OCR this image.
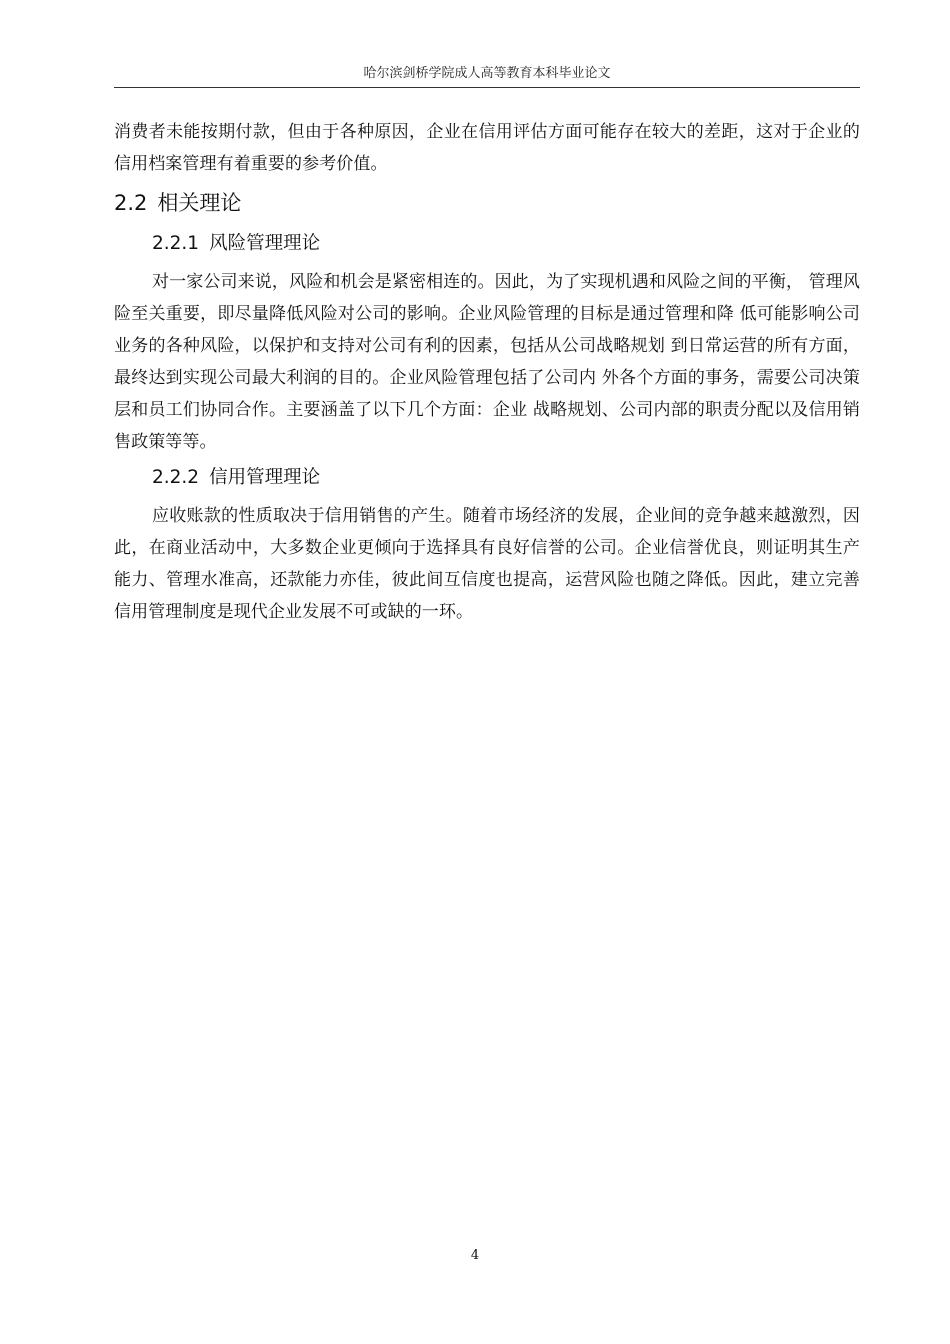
哈尔滨剑桥学院成人高等教育本科毕业论文

消费者未能按期付款，但由于各种原因，企业在信用评估方面可能存在较大的差距，这对于企业的信用档案管理有着重要的参考价值。

2.2 相关理论
2.2.1 风险管理理论

对一家公司来说，风险和机会是紧密相连的。因此，为了实现机遇和风险之间的平衡， 管理风险至关重要，即尽量降低风险对公司的影响。企业风险管理的目标是通过管理和降 低可能影响公司业务的各种风险，以保护和支持对公司有利的因素，包括从公司战略规划 到日常运营的所有方面，最终达到实现公司最大利润的目的。企业风险管理包括了公司内 外各个方面的事务，需要公司决策层和员工们协同合作。主要涵盖了以下几个方面：企业 战略规划、公司内部的职责分配以及信用销售政策等等。

2.2.2 信用管理理论

应收账款的性质取决于信用销售的产生。随着市场经济的发展，企业间的竞争越来越激烈，因此，在商业活动中，大多数企业更倾向于选择具有良好信誉的公司。企业信誉优良，则证明其生产能力、管理水准高，还款能力亦佳，彼此间互信度也提高，运营风险也随之降低。因此，建立完善信用管理制度是现代企业发展不可或缺的一环。

4
